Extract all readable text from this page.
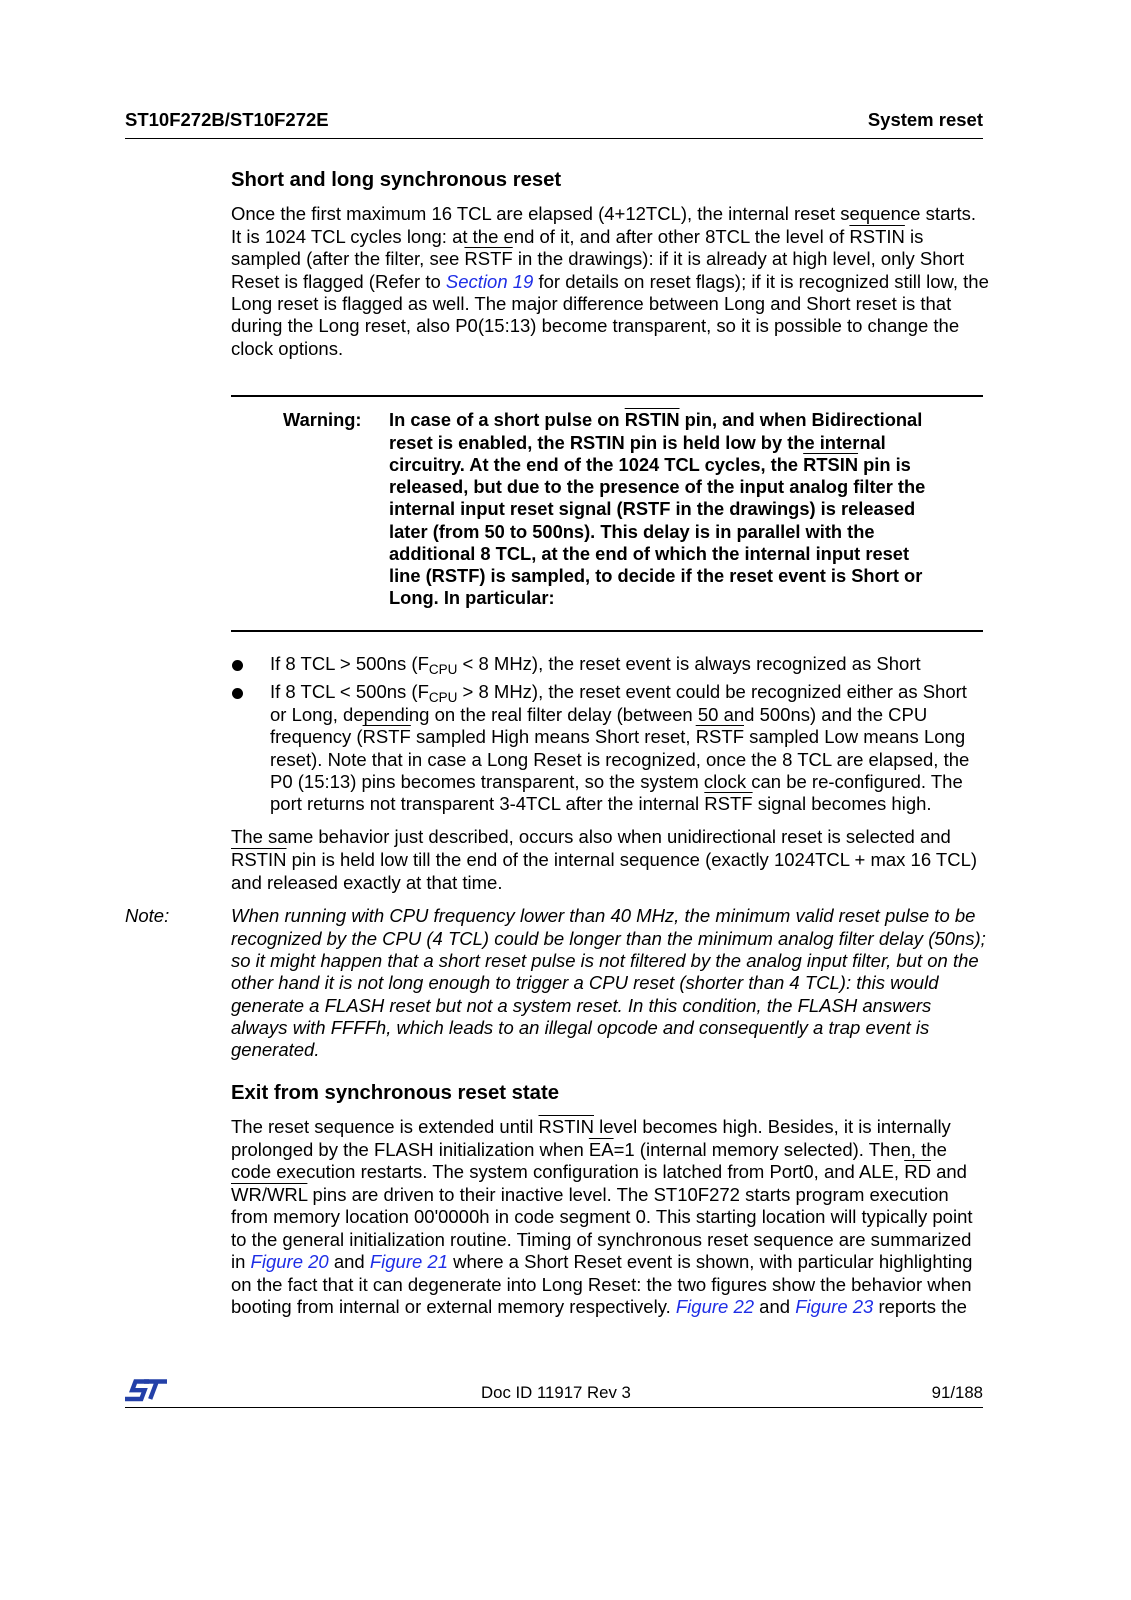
ST10F272B/ST10F272E	System reset
Short and long synchronous reset
Once the first maximum 16 TCL are elapsed (4+12TCL), the internal reset sequence starts.
It is 1024 TCL cycles long: at the end of it, and after other 8TCL the level of RSTIN is
sampled (after the filter, see RSTF in the drawings): if it is already at high level, only Short
Reset is flagged (Refer to Section 19 for details on reset flags); if it is recognized still low, the
Long reset is flagged as well. The major difference between Long and Short reset is that
during the Long reset, also P0(15:13) become transparent, so it is possible to change the
clock options.
Warning: In case of a short pulse on RSTIN pin, and when Bidirectional
reset is enabled, the RSTIN pin is held low by the internal
circuitry. At the end of the 1024 TCL cycles, the RTSIN pin is
released, but due to the presence of the input analog filter the
internal input reset signal (RSTF in the drawings) is released
later (from 50 to 500ns). This delay is in parallel with the
additional 8 TCL, at the end of which the internal input reset
line (RSTF) is sampled, to decide if the reset event is Short or
Long. In particular:
If 8 TCL > 500ns ($F_{CPU} < 8$ MHz), the reset event is always recognized as Short
If 8 TCL < 500ns ($F_{CPU} > 8$ MHz), the reset event could be recognized either as Short
or Long, depending on the real filter delay (between 50 and 500ns) and the CPU
frequency (RSTF sampled High means Short reset, RSTF sampled Low means Long
reset). Note that in case a Long Reset is recognized, once the 8 TCL are elapsed, the
P0 (15:13) pins becomes transparent, so the system clock can be re-configured. The
port returns not transparent 3-4TCL after the internal RSTF signal becomes high.
The same behavior just described, occurs also when unidirectional reset is selected and
RSTIN pin is held low till the end of the internal sequence (exactly 1024TCL + max 16 TCL)
and released exactly at that time.
Note:	When running with CPU frequency lower than 40 MHz, the minimum valid reset pulse to be
recognized by the CPU (4 TCL) could be longer than the minimum analog filter delay (50ns);
so it might happen that a short reset pulse is not filtered by the analog input filter, but on the
other hand it is not long enough to trigger a CPU reset (shorter than 4 TCL): this would
generate a FLASH reset but not a system reset. In this condition, the FLASH answers
always with FFFFh, which leads to an illegal opcode and consequently a trap event is
generated.
Exit from synchronous reset state
The reset sequence is extended until RSTIN level becomes high. Besides, it is internally
prolonged by the FLASH initialization when $\overline{EA}=1$ (internal memory selected). Then, the
code execution restarts. The system configuration is latched from Port0, and ALE, $\overline{RD}$ and
WR/WRL pins are driven to their inactive level. The ST10F272 starts program execution
from memory location 00'0000h in code segment 0. This starting location will typically point
to the general initialization routine. Timing of synchronous reset sequence are summarized
in Figure 20 and Figure 21 where a Short Reset event is shown, with particular highlighting
on the fact that it can degenerate into Long Reset: the two figures show the behavior when
booting from internal or external memory respectively. Figure 22 and Figure 23 reports the
Doc ID 11917 Rev 3	91/188
